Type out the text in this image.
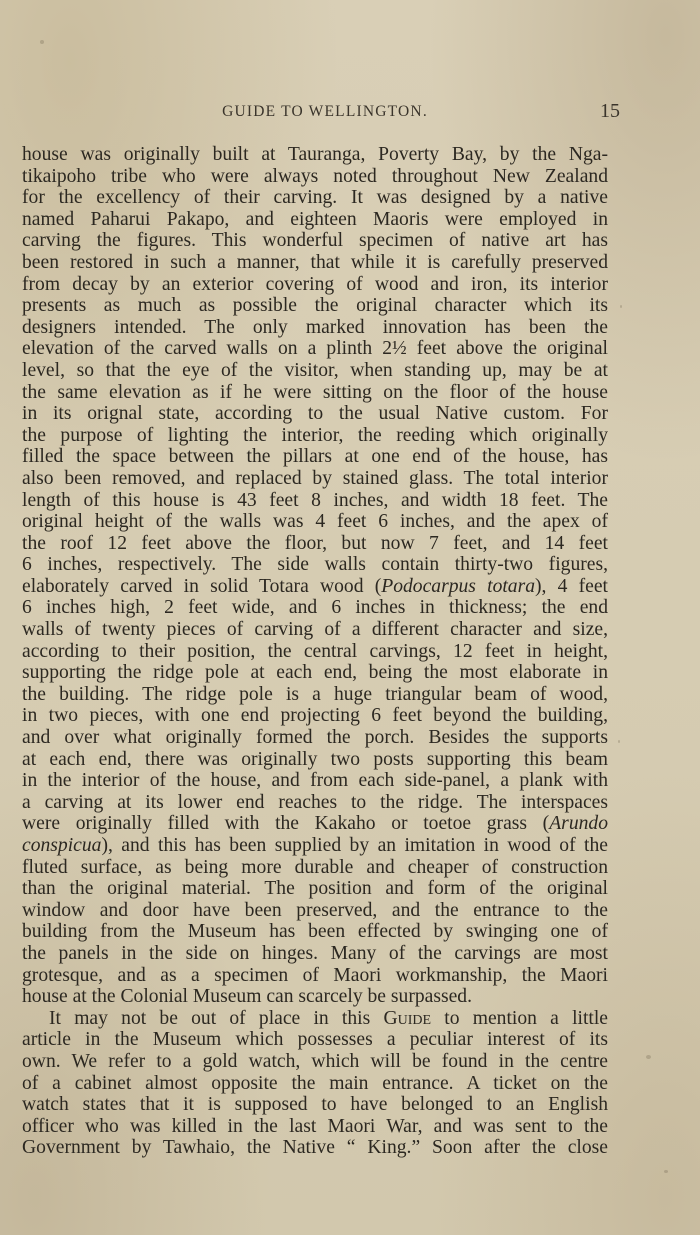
GUIDE TO WELLINGTON.	15
house was originally built at Tauranga, Poverty Bay, by the Nga-
tikaipoho tribe who were always noted throughout New Zealand
for the excellency of their carving. It was designed by a native
named Paharui Pakapo, and eighteen Maoris were employed in
carving the figures. This wonderful specimen of native art has
been restored in such a manner, that while it is carefully preserved
from decay by an exterior covering of wood and iron, its interior
presents as much as possible the original character which its
designers intended. The only marked innovation has been the
elevation of the carved walls on a plinth 2½ feet above the original
level, so that the eye of the visitor, when standing up, may be at
the same elevation as if he were sitting on the floor of the house
in its orignal state, according to the usual Native custom. For
the purpose of lighting the interior, the reeding which originally
filled the space between the pillars at one end of the house, has
also been removed, and replaced by stained glass. The total interior
length of this house is 43 feet 8 inches, and width 18 feet. The
original height of the walls was 4 feet 6 inches, and the apex of
the roof 12 feet above the floor, but now 7 feet, and 14 feet
6 inches, respectively. The side walls contain thirty-two figures,
elaborately carved in solid Totara wood (Podocarpus totara), 4 feet
6 inches high, 2 feet wide, and 6 inches in thickness; the end
walls of twenty pieces of carving of a different character and size,
according to their position, the central carvings, 12 feet in height,
supporting the ridge pole at each end, being the most elaborate in
the building. The ridge pole is a huge triangular beam of wood,
in two pieces, with one end projecting 6 feet beyond the building,
and over what originally formed the porch. Besides the supports
at each end, there was originally two posts supporting this beam
in the interior of the house, and from each side-panel, a plank with
a carving at its lower end reaches to the ridge. The interspaces
were originally filled with the Kakaho or toetoe grass (Arundo
conspicua), and this has been supplied by an imitation in wood of the
fluted surface, as being more durable and cheaper of construction
than the original material. The position and form of the original
window and door have been preserved, and the entrance to the
building from the Museum has been effected by swinging one of
the panels in the side on hinges. Many of the carvings are most
grotesque, and as a specimen of Maori workmanship, the Maori
house at the Colonial Museum can scarcely be surpassed.
It may not be out of place in this Guide to mention a little
article in the Museum which possesses a peculiar interest of its
own. We refer to a gold watch, which will be found in the centre
of a cabinet almost opposite the main entrance. A ticket on the
watch states that it is supposed to have belonged to an English
officer who was killed in the last Maori War, and was sent to the
Government by Tawhaio, the Native “ King.” Soon after the close
